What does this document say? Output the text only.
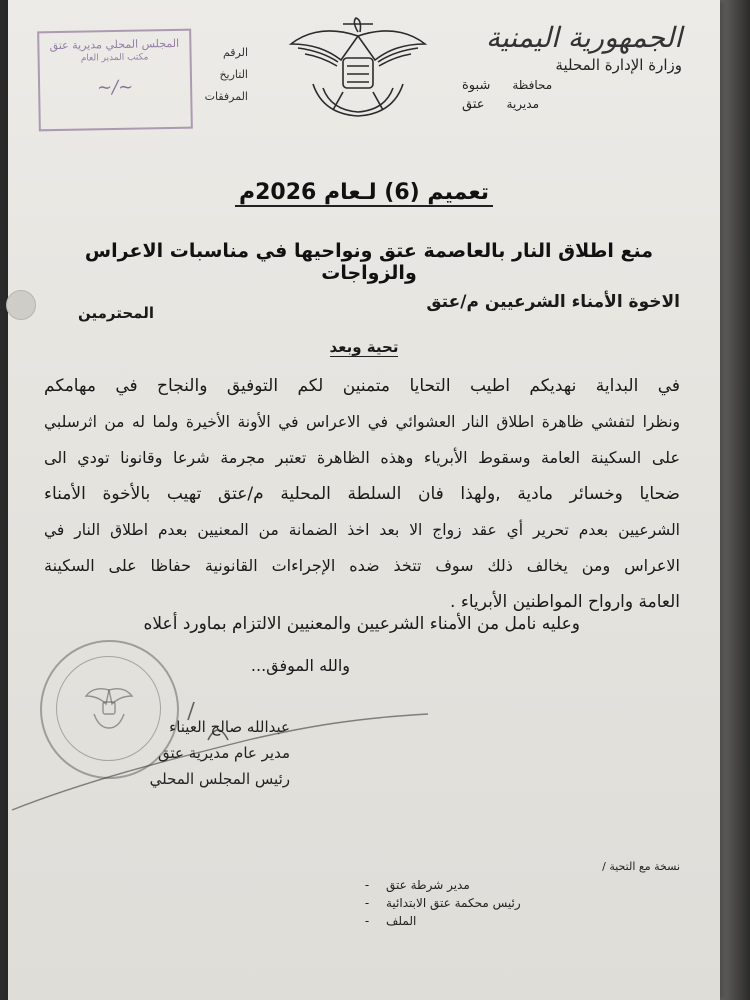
الجمهورية اليمنية
وزارة الإدارة المحلية
محافظة
شبوة
مديرية
عتق
المجلس المحلي مديرية عتق
مكتب المدير العام
~/~
الرقم
التاريخ
المرفقات
تعميم (6) لـعام 2026م
منع اطلاق النار بالعاصمة عتق ونواحيها في مناسبات الاعراس والزواجات
الاخوة الأمناء الشرعيين م/عتق
المحترمين
تحية وبعد
في البداية نهديكم اطيب التحايا متمنين لكم التوفيق والنجاح في مهامكم
ونظرا لتفشي ظاهرة اطلاق النار العشوائي في الاعراس في الأونة الأخيرة ولما له من اثرسلبي
على السكينة العامة وسقوط الأبرياء وهذه الظاهرة تعتبر مجرمة شرعا وقانونا تودي الى
ضحايا وخسائر مادية ,ولهذا فان السلطة المحلية م/عتق تهيب بالأخوة الأمناء
الشرعيين بعدم تحرير أي عقد زواج الا بعد اخذ الضمانة من المعنيين بعدم اطلاق النار في
الاعراس ومن يخالف ذلك سوف تتخذ ضده الإجراءات القانونية حفاظا على السكينة
العامة وارواح المواطنين الأبرياء .
وعليه نامل من الأمناء الشرعيين والمعنيين الالتزام بماورد أعلاه
والله الموفق...
عبدالله صالح العيناء
مدير عام مديرية عتق
رئيس المجلس المحلي
نسخة مع التحية /
مدير شرطة عتق
-
رئيس محكمة عتق الابتدائية
-
الملف
-
